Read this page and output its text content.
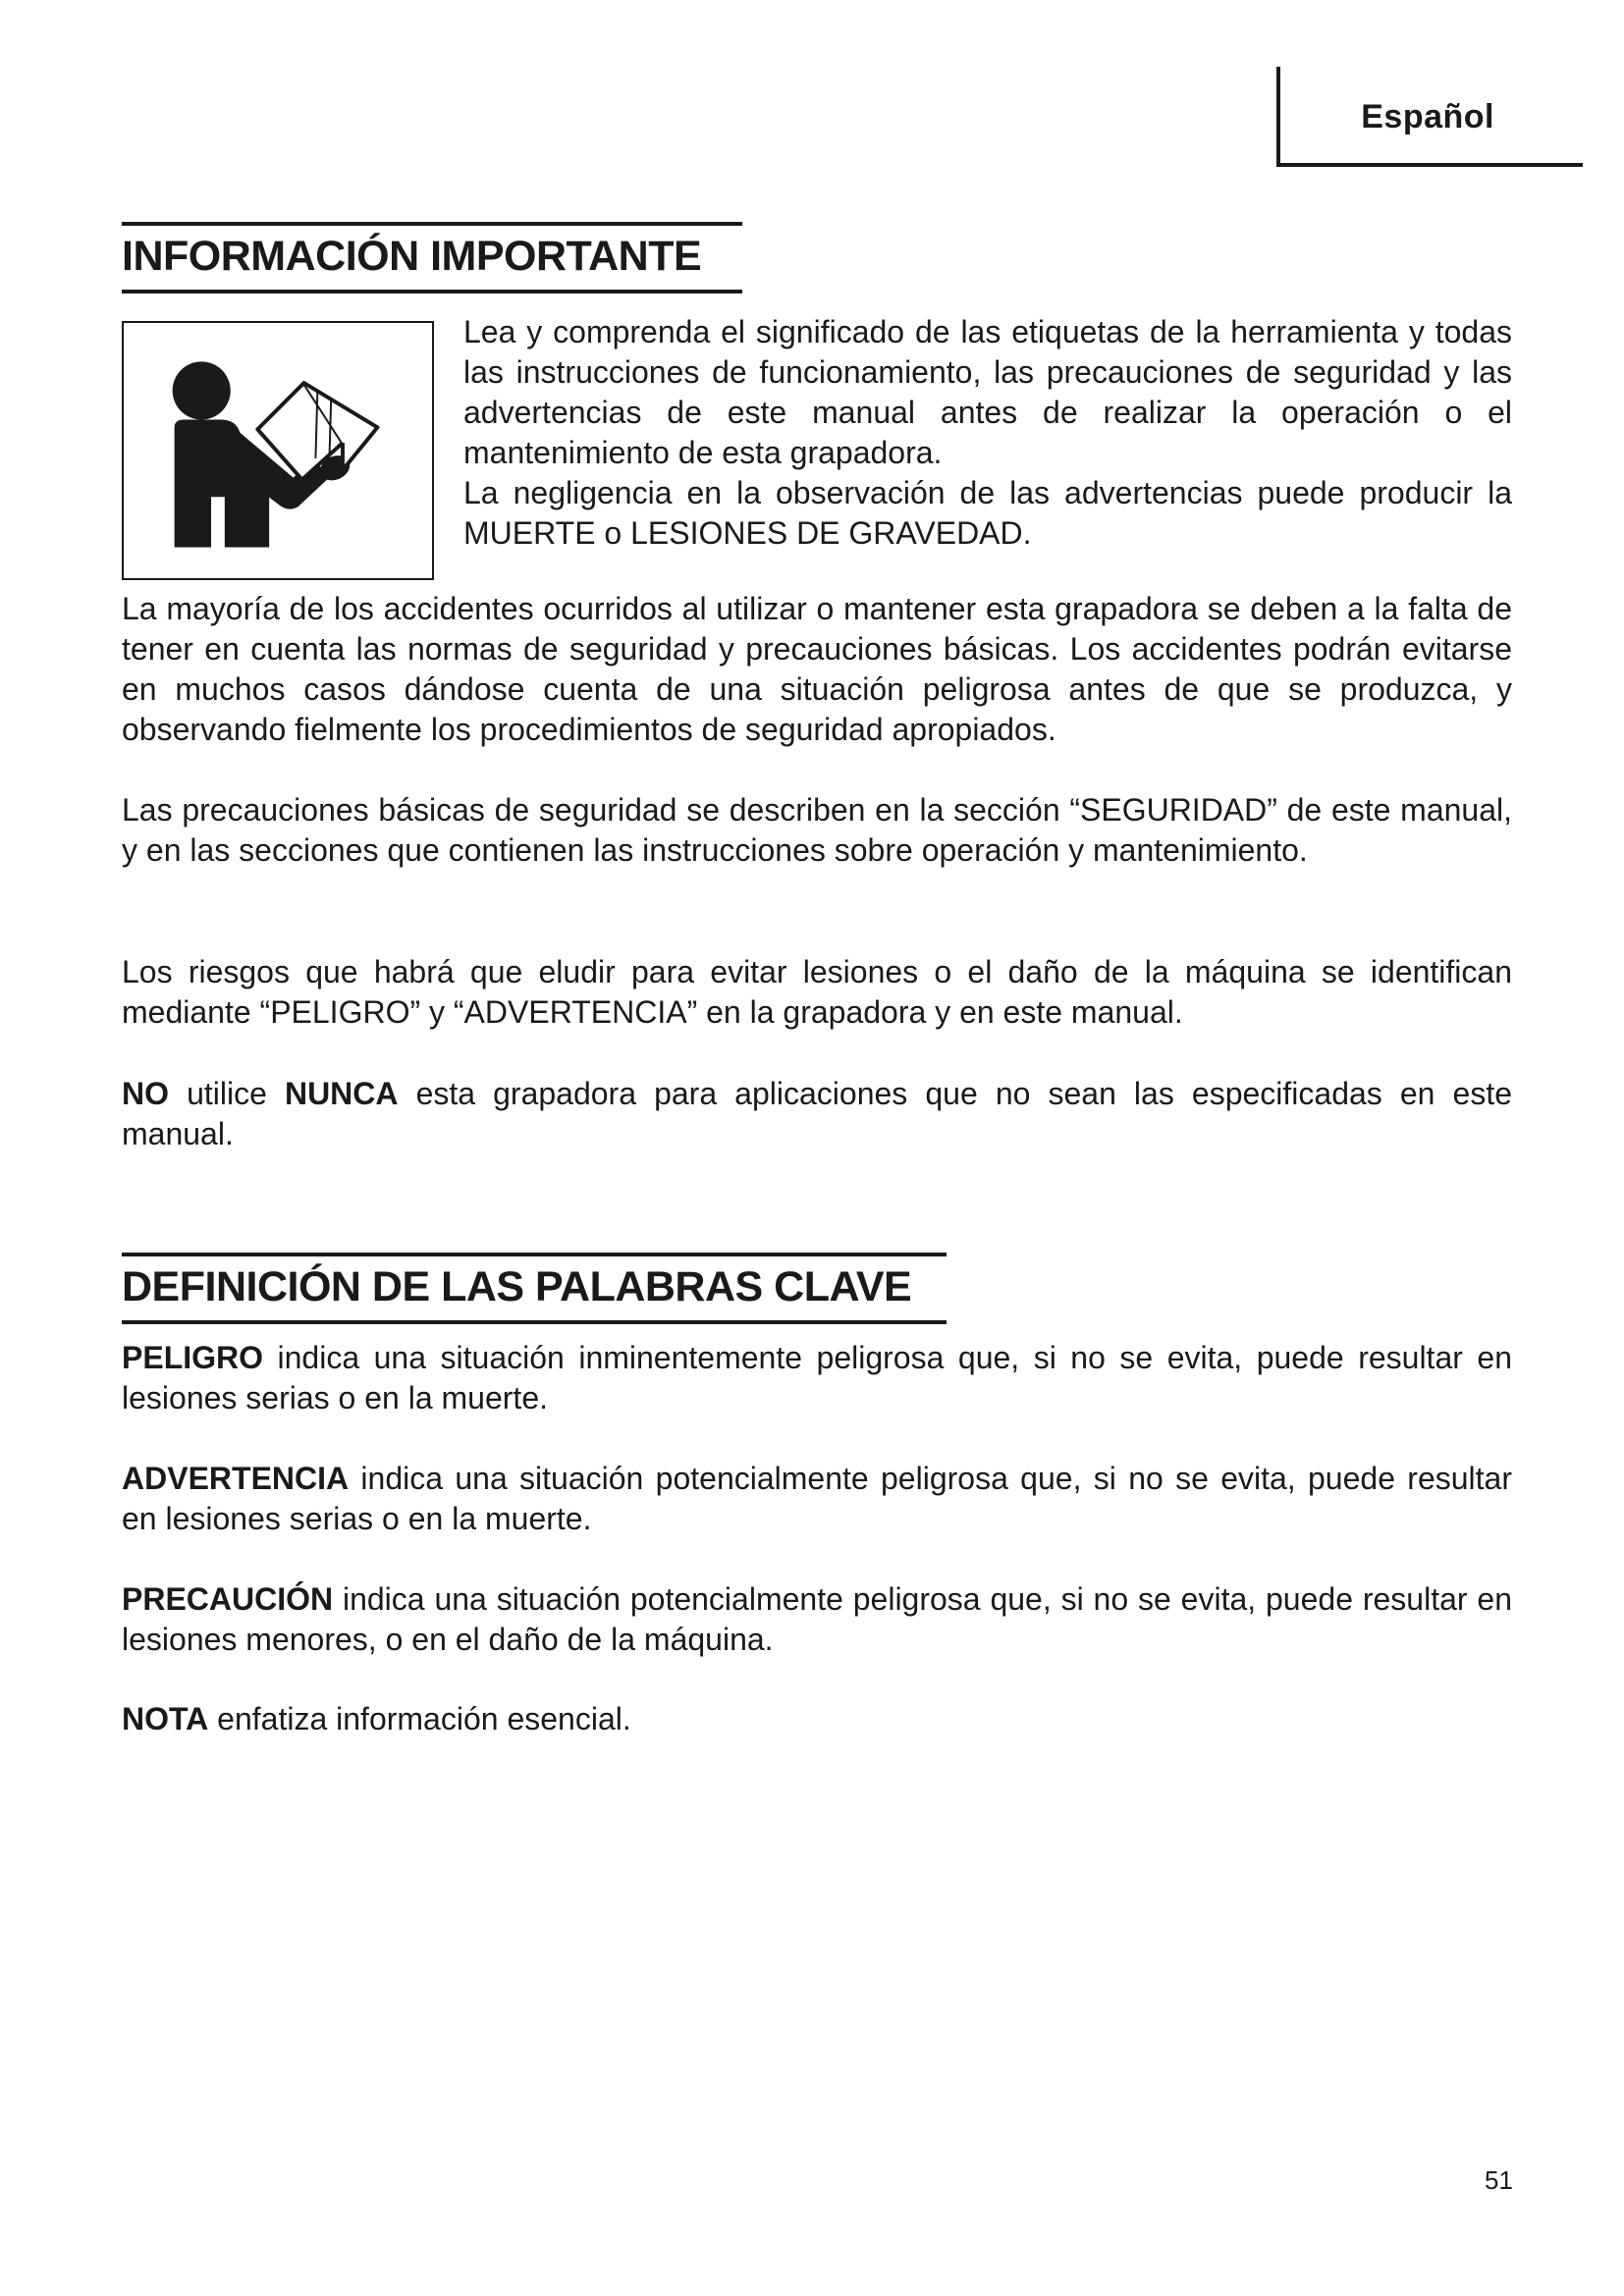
Español
INFORMACIÓN IMPORTANTE

Lea y comprenda el significado de las etiquetas de la herramienta y todas las instrucciones de funcionamiento, las precauciones de seguridad y las advertencias de este manual antes de realizar la operación o el mantenimiento de esta grapadora.
La negligencia en la observación de las advertencias puede producir la MUERTE o LESIONES DE GRAVEDAD.

La mayoría de los accidentes ocurridos al utilizar o mantener esta grapadora se deben a la falta de tener en cuenta las normas de seguridad y precauciones básicas. Los accidentes podrán evitarse en muchos casos dándose cuenta de una situación peligrosa antes de que se produzca, y observando fielmente los procedimientos de seguridad apropiados.

Las precauciones básicas de seguridad se describen en la sección “SEGURIDAD” de este manual, y en las secciones que contienen las instrucciones sobre operación y mantenimiento.

Los riesgos que habrá que eludir para evitar lesiones o el daño de la máquina se identifican mediante “PELIGRO” y “ADVERTENCIA” en la grapadora y en este manual.

NO utilice NUNCA esta grapadora para aplicaciones que no sean las especificadas en este manual.

DEFINICIÓN DE LAS PALABRAS CLAVE

PELIGRO indica una situación inminentemente peligrosa que, si no se evita, puede resultar en lesiones serias o en la muerte.

ADVERTENCIA indica una situación potencialmente peligrosa que, si no se evita, puede resultar en lesiones serias o en la muerte.

PRECAUCIÓN indica una situación potencialmente peligrosa que, si no se evita, puede resultar en lesiones menores, o en el daño de la máquina.

NOTA enfatiza información esencial.

51
